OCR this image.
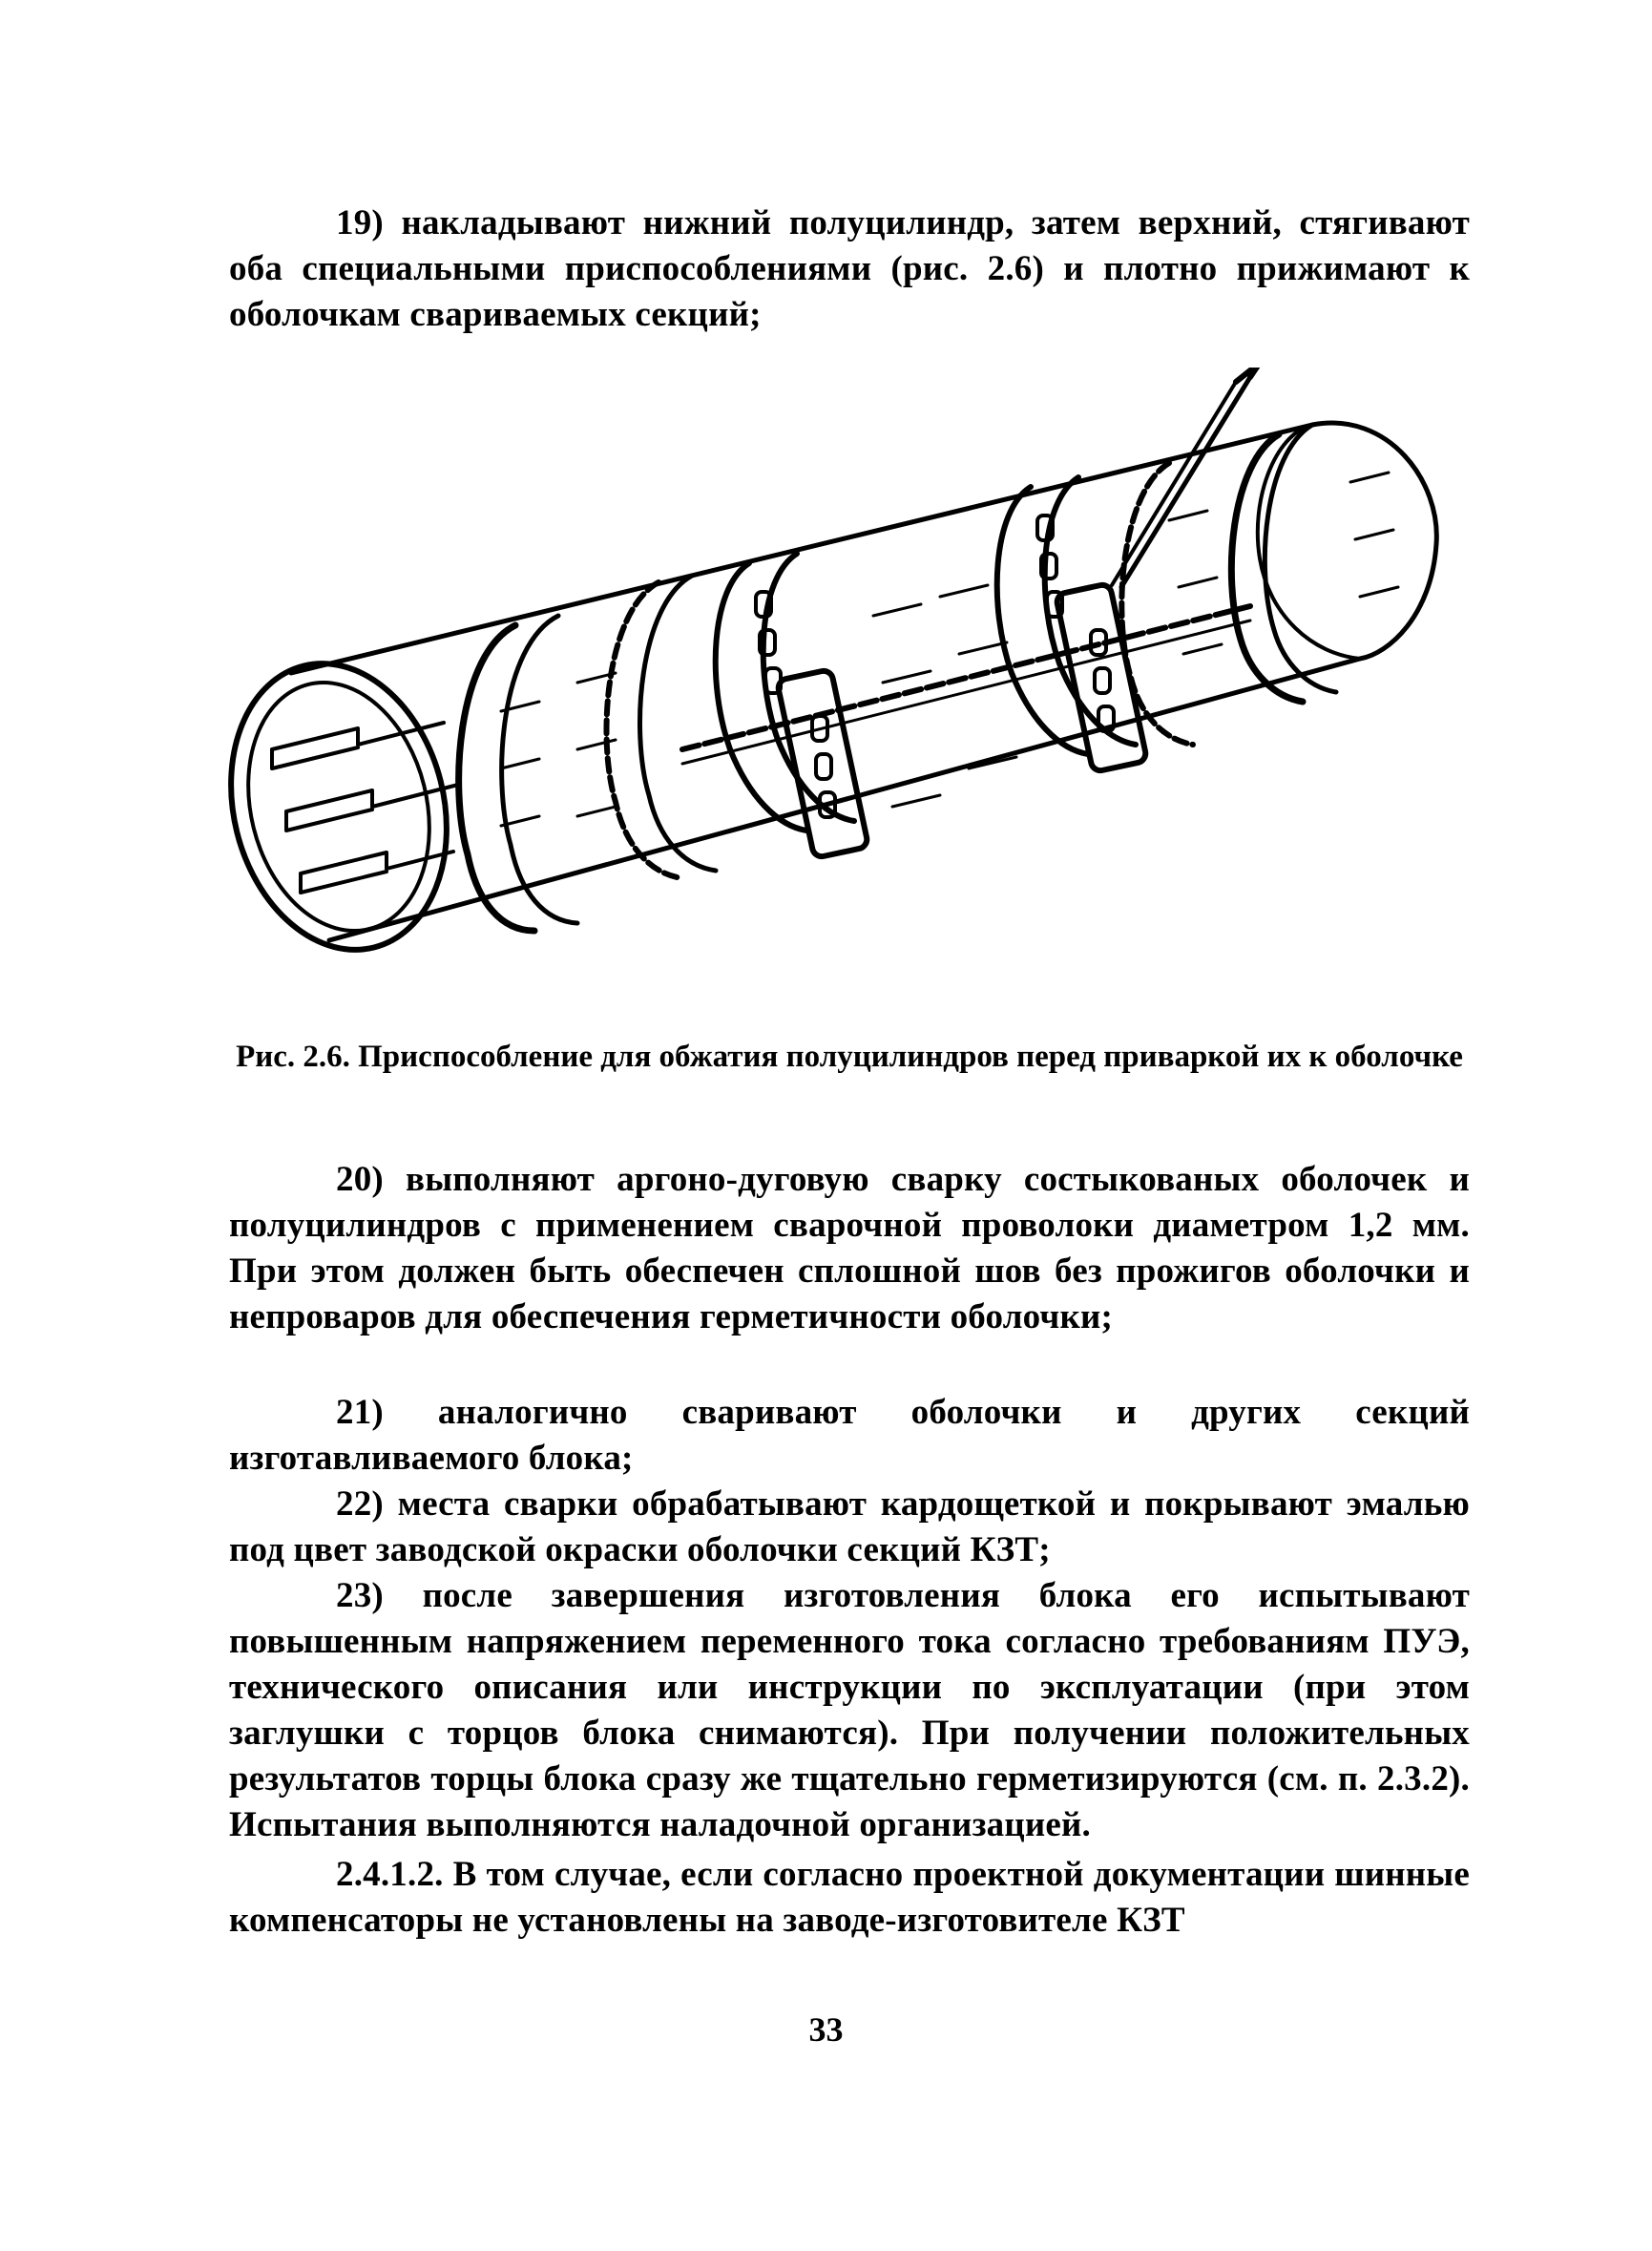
19) накладывают нижний полуцилиндр, затем верхний, стягивают оба специальными приспособлениями (рис. 2.6) и плотно прижимают к оболочкам свариваемых секций;

Рис. 2.6. Приспособление для обжатия полуцилиндров перед приваркой их к оболочке

20) выполняют аргоно-дуговую сварку состыкованых оболочек и полуцилиндров с применением сварочной проволоки диаметром 1,2 мм. При этом должен быть обеспечен сплошной шов без прожигов оболочки и непроваров для обеспечения герметичности оболочки;

21) аналогично сваривают оболочки и других секций изготавливаемого блока;

22) места сварки обрабатывают кардощеткой и покрывают эмалью под цвет заводской окраски оболочки секций КЗТ;

23) после завершения изготовления блока его испытывают повышенным напряжением переменного тока согласно требованиям ПУЭ, технического описания или инструкции по эксплуатации (при этом заглушки с торцов блока снимаются). При получении положительных результатов торцы блока сразу же тщательно герметизируются (см. п. 2.3.2). Испытания выполняются наладочной организацией.

2.4.1.2. В том случае, если согласно проектной документации шинные компенсаторы не установлены на заводе-изготовителе КЗТ

33
